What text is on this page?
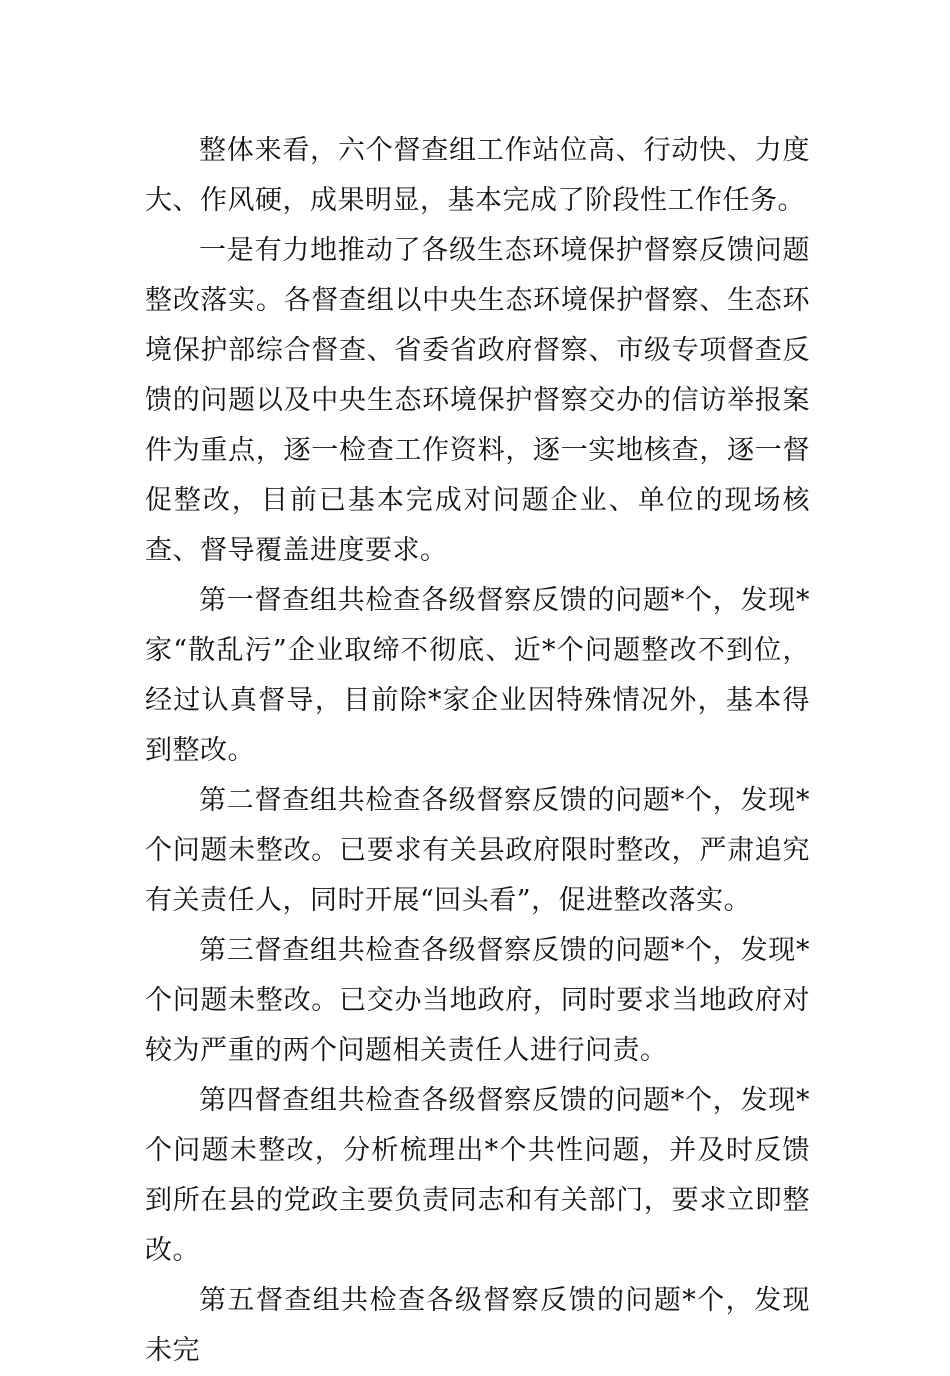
整体来看，六个督查组工作站位高、行动快、力度大、作风硬，成果明显，基本完成了阶段性工作任务。

一是有力地推动了各级生态环境保护督察反馈问题整改落实。各督查组以中央生态环境保护督察、生态环境保护部综合督查、省委省政府督察、市级专项督查反馈的问题以及中央生态环境保护督察交办的信访举报案件为重点，逐一检查工作资料，逐一实地核查，逐一督促整改，目前已基本完成对问题企业、单位的现场核查、督导覆盖进度要求。

第一督查组共检查各级督察反馈的问题*个，发现*家“散乱污”企业取缔不彻底、近*个问题整改不到位，经过认真督导，目前除*家企业因特殊情况外，基本得到整改。

第二督查组共检查各级督察反馈的问题*个，发现*个问题未整改。已要求有关县政府限时整改，严肃追究有关责任人，同时开展“回头看”，促进整改落实。

第三督查组共检查各级督察反馈的问题*个，发现*个问题未整改。已交办当地政府，同时要求当地政府对较为严重的两个问题相关责任人进行问责。

第四督查组共检查各级督察反馈的问题*个，发现*个问题未整改，分析梳理出*个共性问题，并及时反馈到所在县的党政主要负责同志和有关部门，要求立即整改。

第五督查组共检查各级督察反馈的问题*个，发现未完
